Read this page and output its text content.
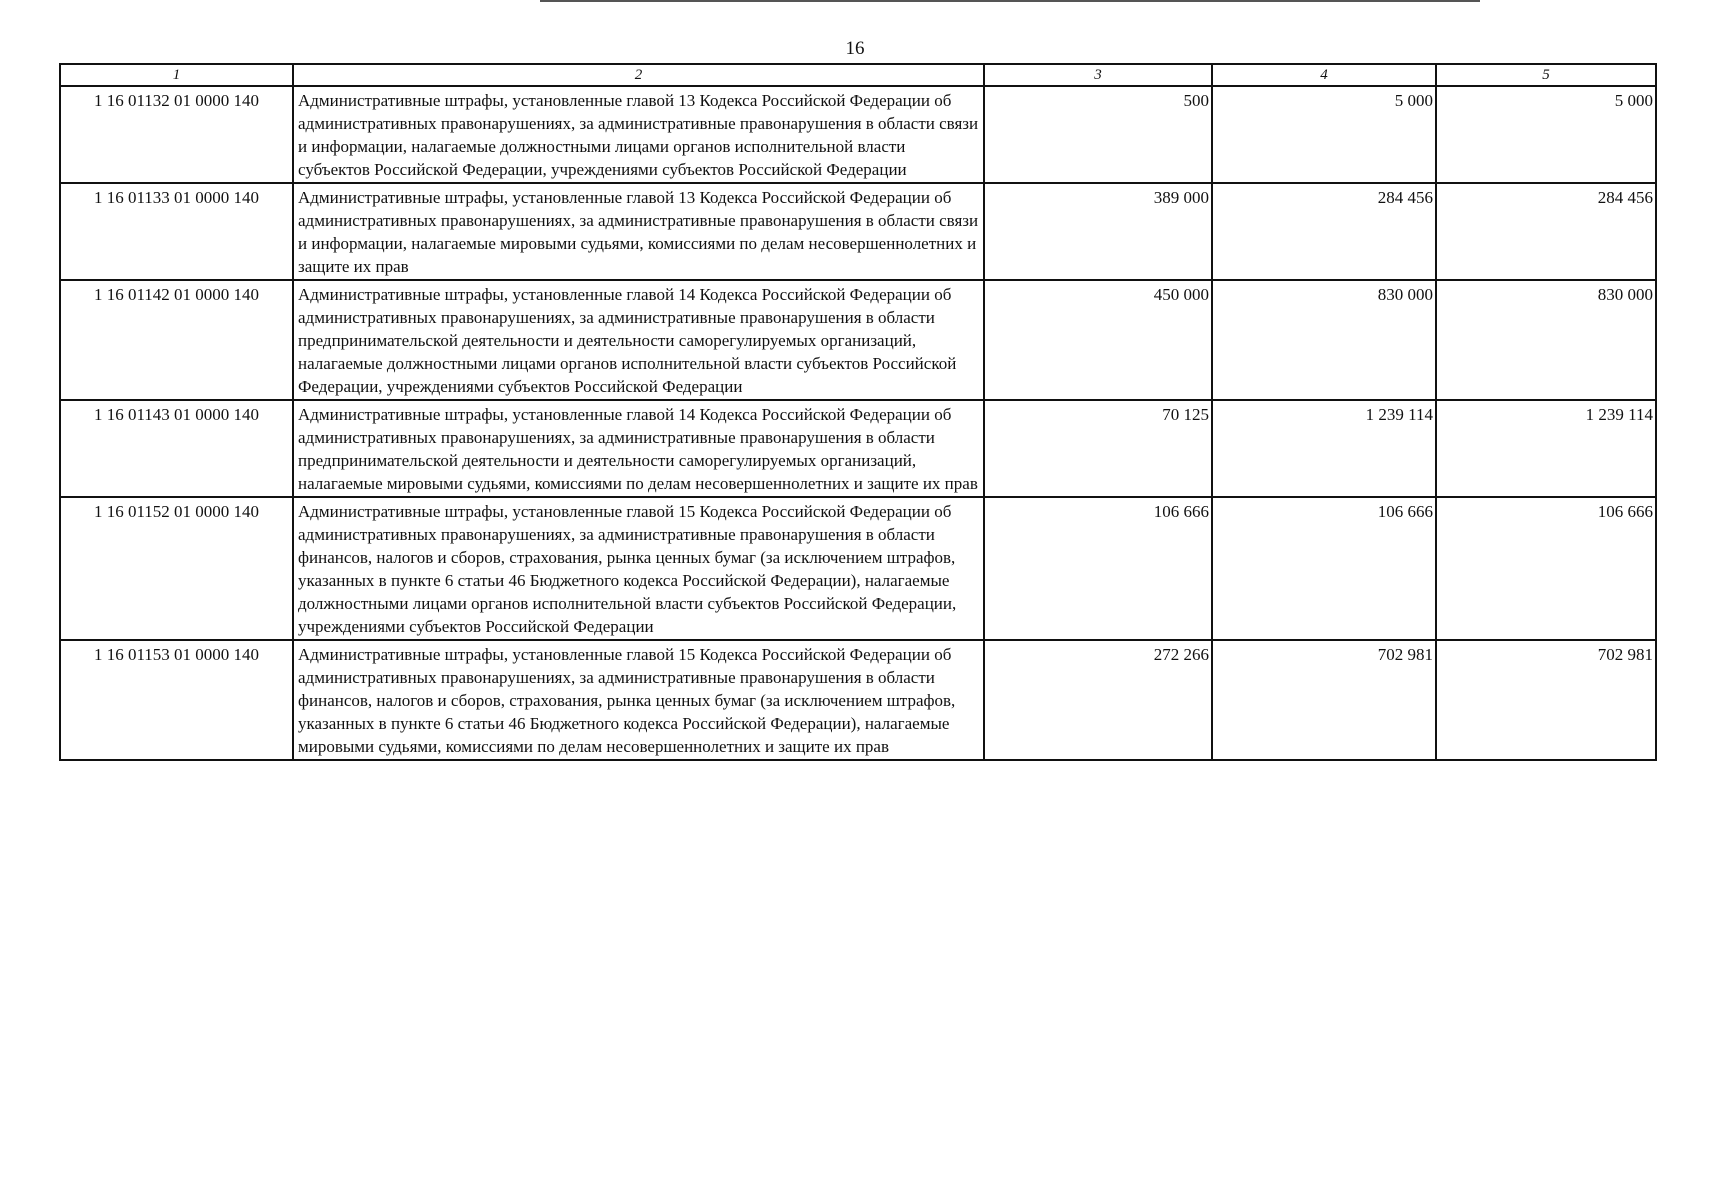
16
1	2	3	4	5
1 16 01132 01 0000 140	Административные штрафы, установленные главой 13 Кодекса Российской Федерации об административных правонарушениях, за административные правонарушения в области связи и информации, налагаемые должностными лицами органов исполнительной власти субъектов Российской Федерации, учреждениями субъектов Российской Федерации	500	5 000	5 000
1 16 01133 01 0000 140	Административные штрафы, установленные главой 13 Кодекса Российской Федерации об административных правонарушениях, за административные правонарушения в области связи и информации, налагаемые мировыми судьями, комиссиями по делам несовершеннолетних и защите их прав	389 000	284 456	284 456
1 16 01142 01 0000 140	Административные штрафы, установленные главой 14 Кодекса Российской Федерации об административных правонарушениях, за административные правонарушения в области предпринимательской деятельности и деятельности саморегулируемых организаций, налагаемые должностными лицами органов исполнительной власти субъектов Российской Федерации, учреждениями субъектов Российской Федерации	450 000	830 000	830 000
1 16 01143 01 0000 140	Административные штрафы, установленные главой 14 Кодекса Российской Федерации об административных правонарушениях, за административные правонарушения в области предпринимательской деятельности и деятельности саморегулируемых организаций, налагаемые мировыми судьями, комиссиями по делам несовершеннолетних и защите их прав	70 125	1 239 114	1 239 114
1 16 01152 01 0000 140	Административные штрафы, установленные главой 15 Кодекса Российской Федерации об административных правонарушениях, за административные правонарушения в области финансов, налогов и сборов, страхования, рынка ценных бумаг (за исключением штрафов, указанных в пункте 6 статьи 46 Бюджетного кодекса Российской Федерации), налагаемые должностными лицами органов исполнительной власти субъектов Российской Федерации, учреждениями субъектов Российской Федерации	106 666	106 666	106 666
1 16 01153 01 0000 140	Административные штрафы, установленные главой 15 Кодекса Российской Федерации об административных правонарушениях, за административные правонарушения в области финансов, налогов и сборов, страхования, рынка ценных бумаг (за исключением штрафов, указанных в пункте 6 статьи 46 Бюджетного кодекса Российской Федерации), налагаемые мировыми судьями, комиссиями по делам несовершеннолетних и защите их прав	272 266	702 981	702 981
